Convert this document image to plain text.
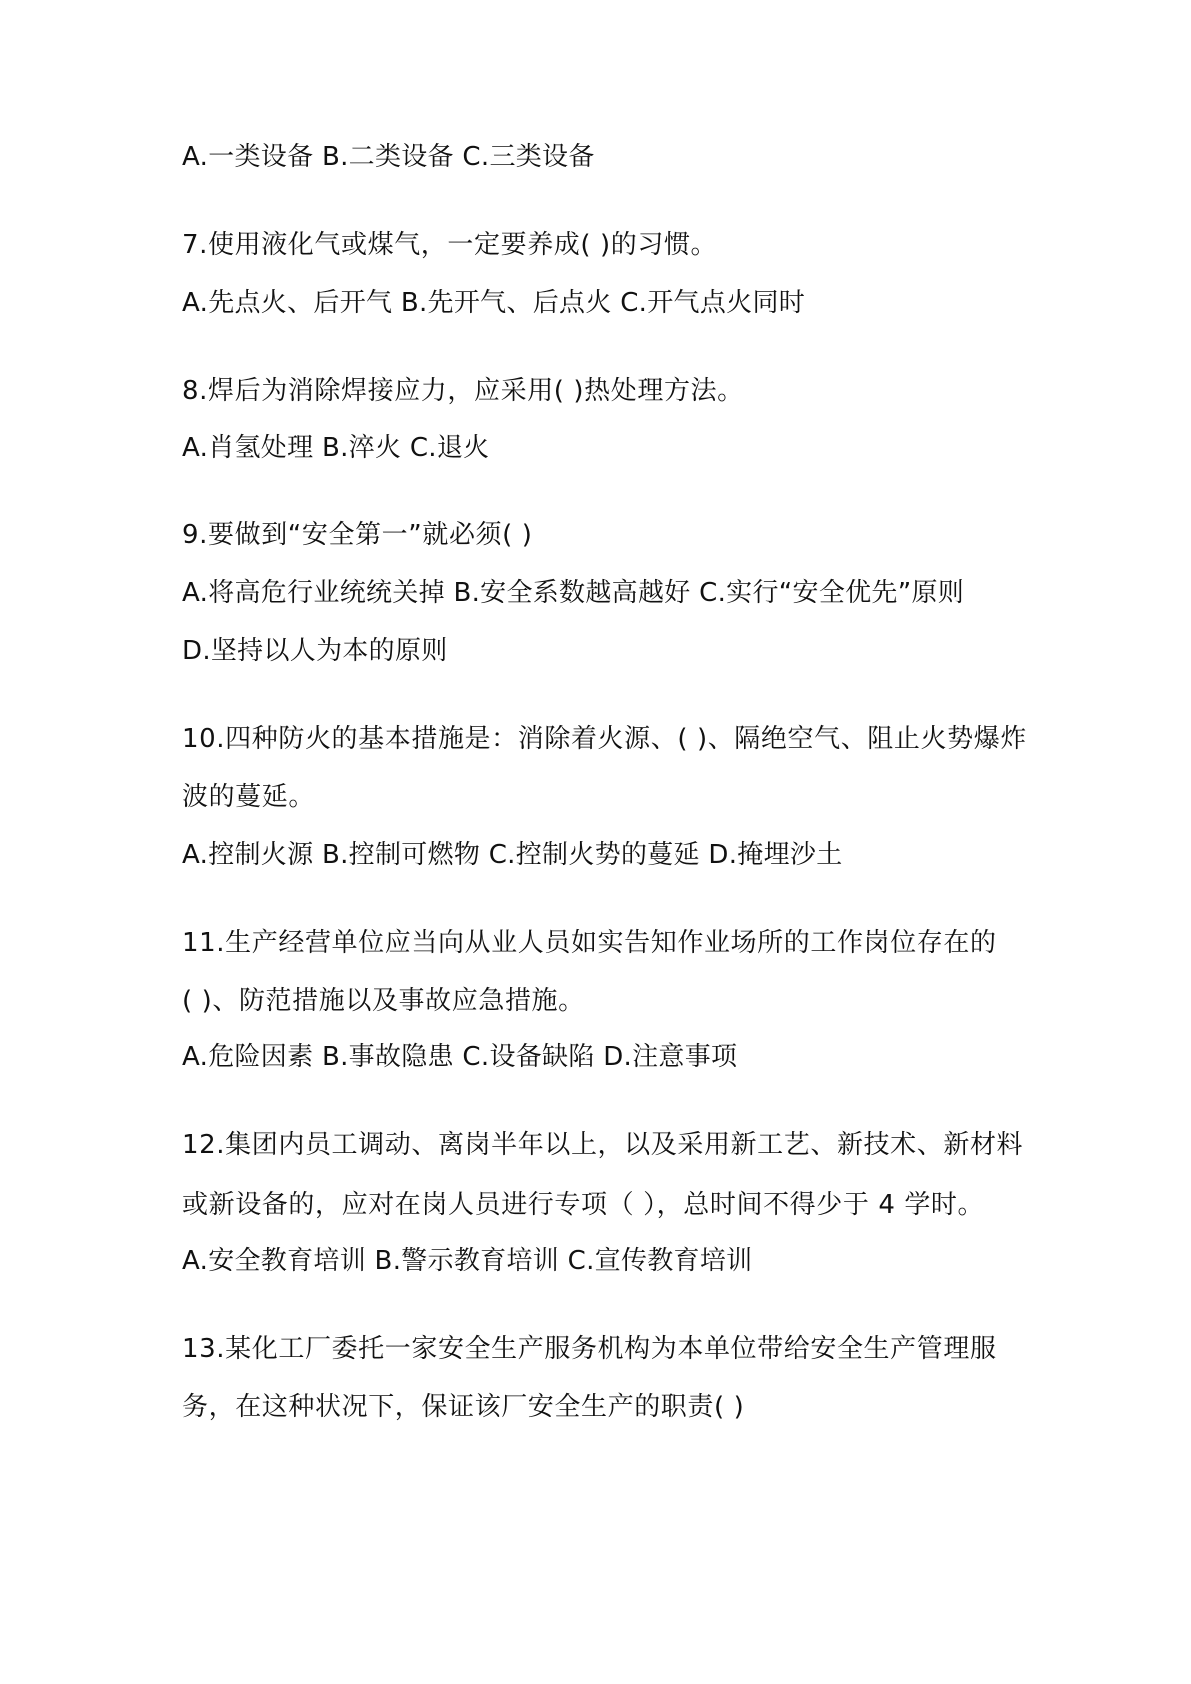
A.一类设备 B.二类设备 C.三类设备
7.使用液化气或煤气，一定要养成( )的习惯。
A.先点火、后开气 B.先开气、后点火 C.开气点火同时
8.焊后为消除焊接应力，应采用( )热处理方法。
A.肖氢处理 B.淬火 C.退火
9.要做到“安全第一”就必须( )
A.将高危行业统统关掉 B.安全系数越高越好 C.实行“安全优先”原则
D.坚持以人为本的原则
10.四种防火的基本措施是：消除着火源、( )、隔绝空气、阻止火势爆炸
波的蔓延。
A.控制火源 B.控制可燃物 C.控制火势的蔓延 D.掩埋沙土
11.生产经营单位应当向从业人员如实告知作业场所的工作岗位存在的
( )、防范措施以及事故应急措施。
A.危险因素 B.事故隐患 C.设备缺陷 D.注意事项
12.集团内员工调动、离岗半年以上，以及采用新工艺、新技术、新材料
或新设备的，应对在岗人员进行专项（ ），总时间不得少于 4 学时。
A.安全教育培训 B.警示教育培训 C.宣传教育培训
13.某化工厂委托一家安全生产服务机构为本单位带给安全生产管理服
务，在这种状况下，保证该厂安全生产的职责( )
